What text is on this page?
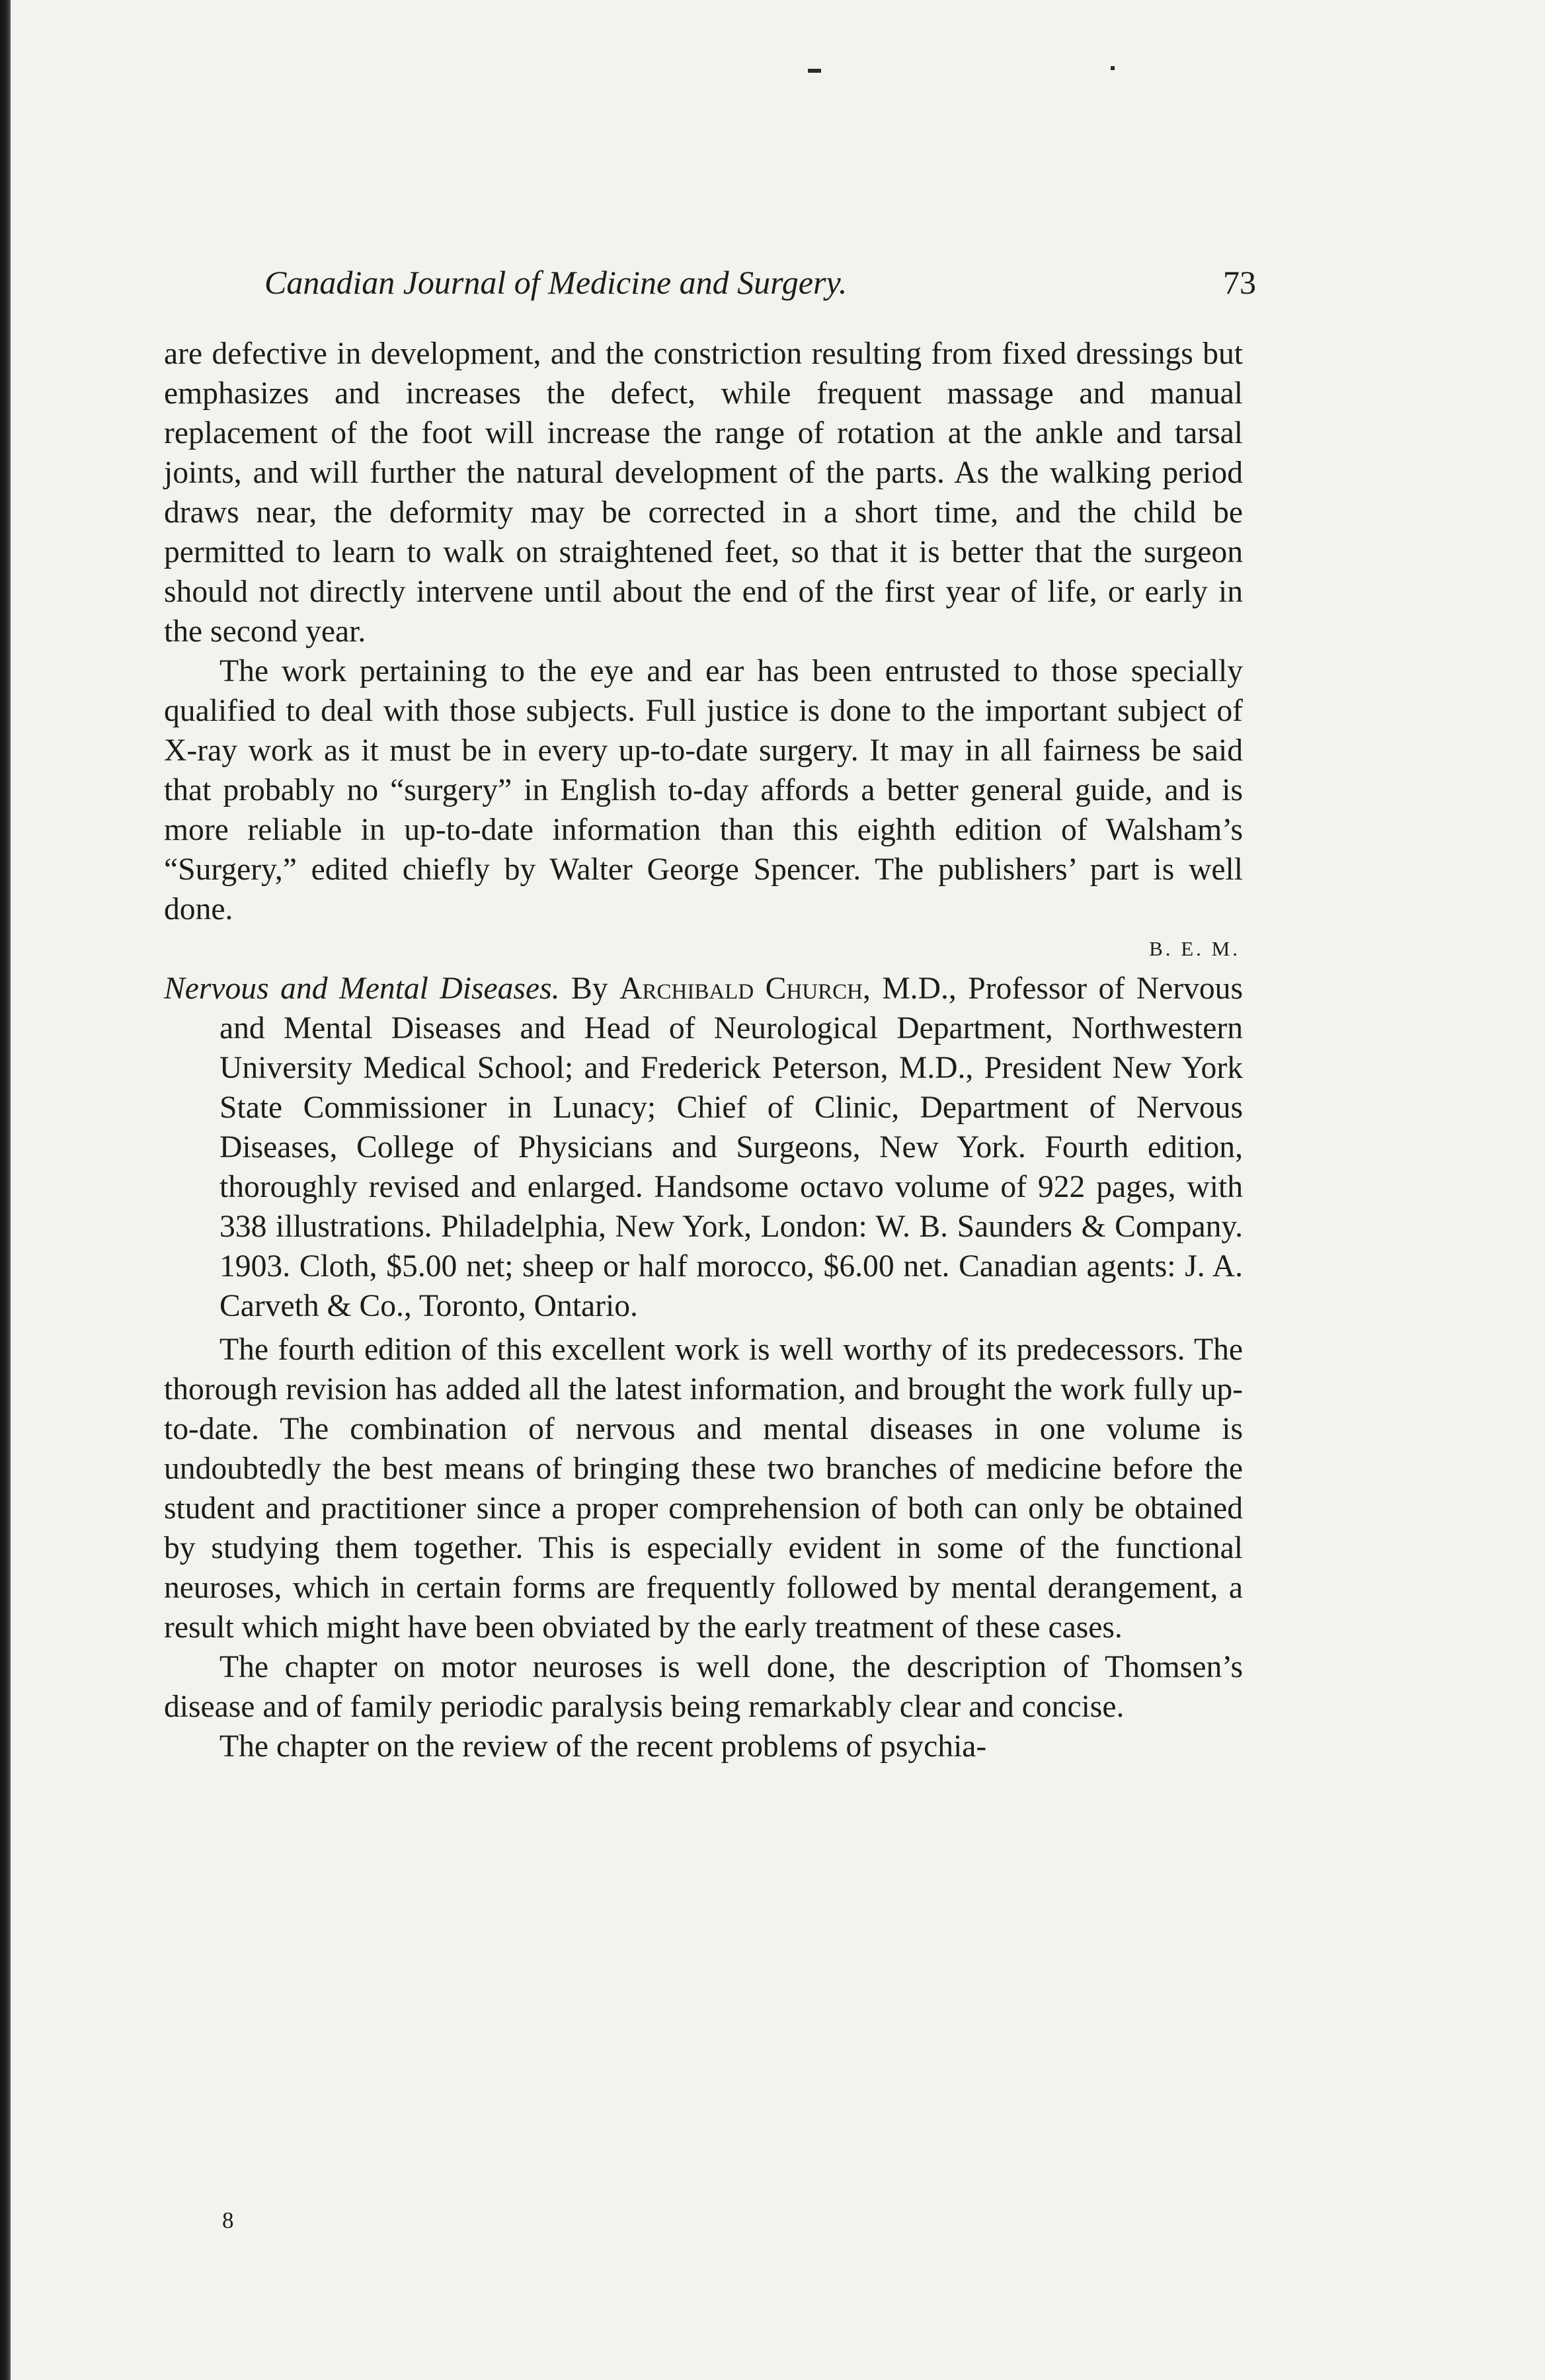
Canadian Journal of Medicine and Surgery.	73

are defective in development, and the constriction resulting from fixed dressings but emphasizes and increases the defect, while frequent massage and manual replacement of the foot will increase the range of rotation at the ankle and tarsal joints, and will further the natural development of the parts. As the walking period draws near, the deformity may be corrected in a short time, and the child be permitted to learn to walk on straightened feet, so that it is better that the surgeon should not directly intervene until about the end of the first year of life, or early in the second year.

The work pertaining to the eye and ear has been entrusted to those specially qualified to deal with those subjects. Full justice is done to the important subject of X-ray work as it must be in every up-to-date surgery. It may in all fairness be said that probably no “surgery” in English to-day affords a better general guide, and is more reliable in up-to-date information than this eighth edition of Walsham’s “Surgery,” edited chiefly by Walter George Spencer. The publishers’ part is well done.

B. E. M.

Nervous and Mental Diseases. By Archibald Church, M.D., Professor of Nervous and Mental Diseases and Head of Neurological Department, Northwestern University Medical School; and Frederick Peterson, M.D., President New York State Commissioner in Lunacy; Chief of Clinic, Department of Nervous Diseases, College of Physicians and Surgeons, New York. Fourth edition, thoroughly revised and enlarged. Handsome octavo volume of 922 pages, with 338 illustrations. Philadelphia, New York, London: W. B. Saunders & Company. 1903. Cloth, $5.00 net; sheep or half morocco, $6.00 net. Canadian agents: J. A. Carveth & Co., Toronto, Ontario.

The fourth edition of this excellent work is well worthy of its predecessors. The thorough revision has added all the latest information, and brought the work fully up-to-date. The combination of nervous and mental diseases in one volume is undoubtedly the best means of bringing these two branches of medicine before the student and practitioner since a proper comprehension of both can only be obtained by studying them together. This is especially evident in some of the functional neuroses, which in certain forms are frequently followed by mental derangement, a result which might have been obviated by the early treatment of these cases.

The chapter on motor neuroses is well done, the description of Thomsen’s disease and of family periodic paralysis being remarkably clear and concise.

The chapter on the review of the recent problems of psychia-

8
